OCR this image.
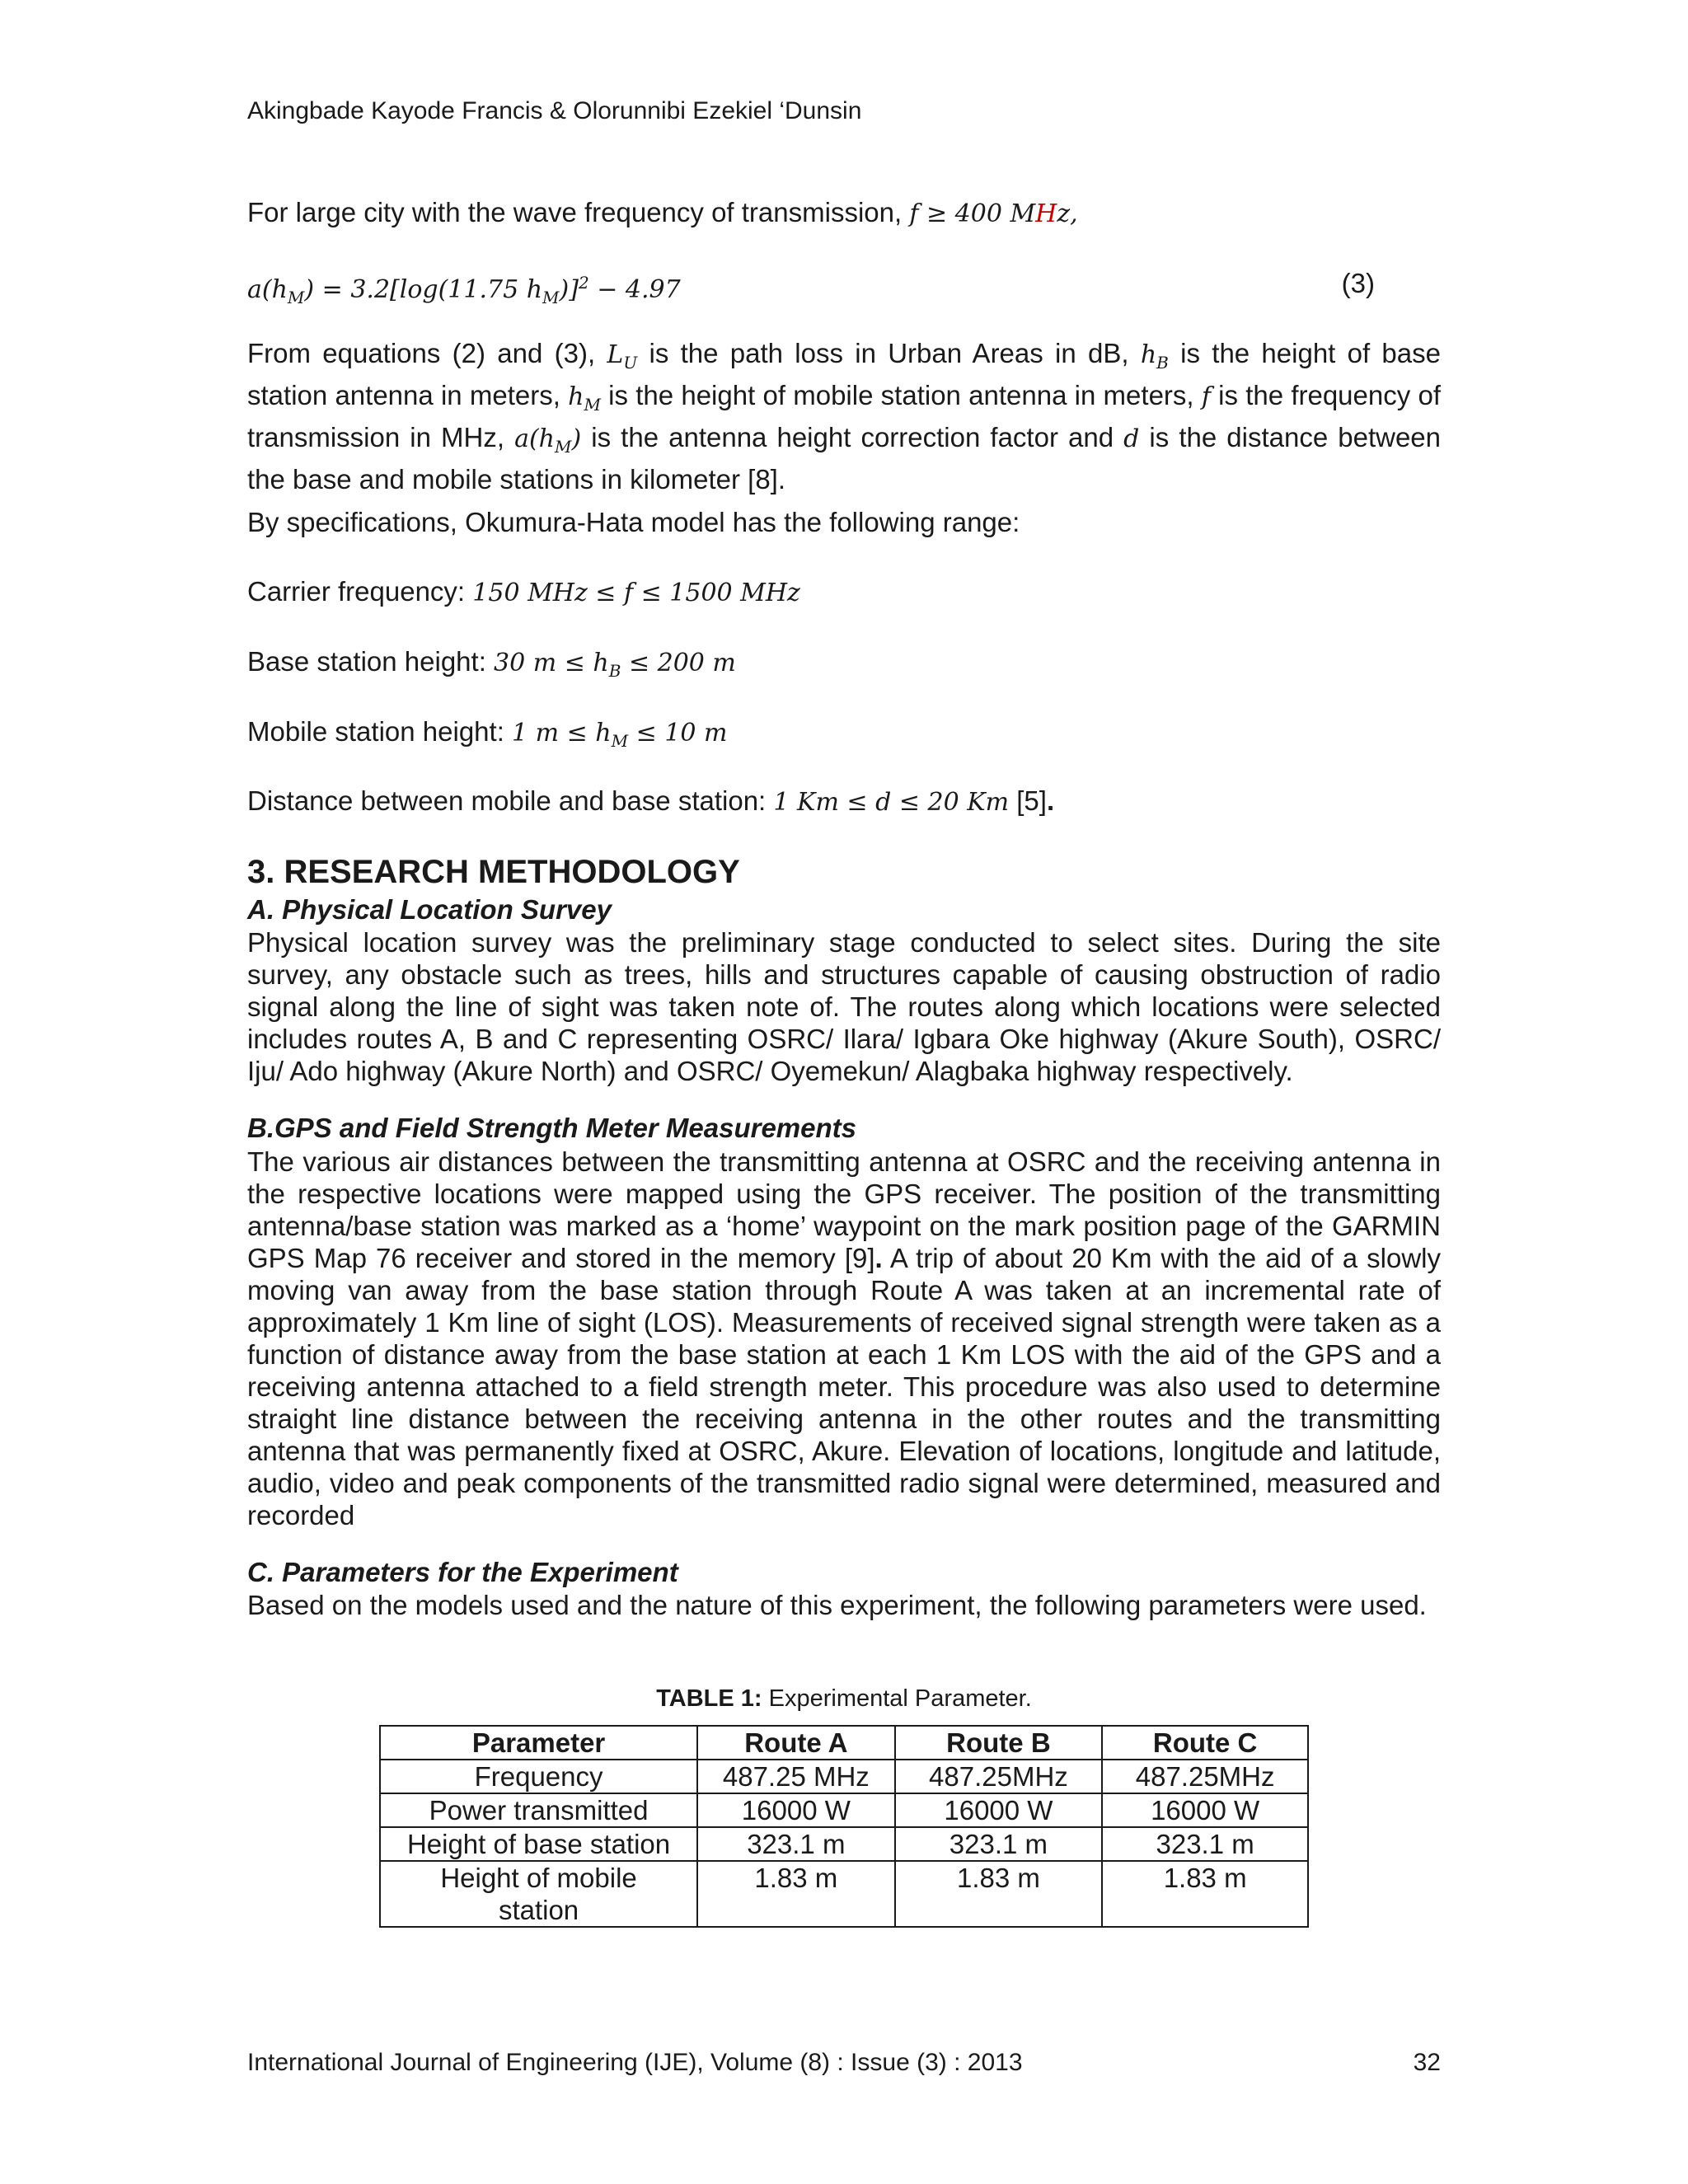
Akingbade Kayode Francis & Olorunnibi Ezekiel ‘Dunsin

For large city with the wave frequency of transmission, f ≥ 400 MHz,

$a(h_M) = 3.2[\log(11.75$ $h_M)]^2 - 4.97$	(3)

From equations (2) and (3), $L_U$ is the path loss in Urban Areas in dB, $h_B$ is the height of base station antenna in meters, $h_M$ is the height of mobile station antenna in meters, f is the frequency of transmission in MHz, $a(h_M)$ is the antenna height correction factor and d is the distance between the base and mobile stations in kilometer [8].

By specifications, Okumura-Hata model has the following range:

Carrier frequency: 150 MHz ≤ f ≤ 1500 MHz

Base station height: 30 $m \le h_B \le 200$ m

Mobile station height: 1 $m \le h_M \le 10$ m

Distance between mobile and base station: 1 Km ≤ d ≤ 20 Km [5].

3. RESEARCH METHODOLOGY
A. Physical Location Survey

Physical location survey was the preliminary stage conducted to select sites. During the site survey, any obstacle such as trees, hills and structures capable of causing obstruction of radio signal along the line of sight was taken note of. The routes along which locations were selected includes routes A, B and C representing OSRC/ Ilara/ Igbara Oke highway (Akure South), OSRC/ Iju/ Ado highway (Akure North) and OSRC/ Oyemekun/ Alagbaka highway respectively.

B.GPS and Field Strength Meter Measurements

The various air distances between the transmitting antenna at OSRC and the receiving antenna in the respective locations were mapped using the GPS receiver. The position of the transmitting antenna/base station was marked as a ‘home’ waypoint on the mark position page of the GARMIN GPS Map 76 receiver and stored in the memory [9]. A trip of about 20 Km with the aid of a slowly moving van away from the base station through Route A was taken at an incremental rate of approximately 1 Km line of sight (LOS). Measurements of received signal strength were taken as a function of distance away from the base station at each 1 Km LOS with the aid of the GPS and a receiving antenna attached to a field strength meter. This procedure was also used to determine straight line distance between the receiving antenna in the other routes and the transmitting antenna that was permanently fixed at OSRC, Akure. Elevation of locations, longitude and latitude, audio, video and peak components of the transmitted radio signal were determined, measured and recorded

C. Parameters for the Experiment

Based on the models used and the nature of this experiment, the following parameters were used.

TABLE 1: Experimental Parameter.
Parameter	Route A	Route B	Route C
Frequency	487.25 MHz	487.25MHz	487.25MHz
Power transmitted	16000 W	16000 W	16000 W
Height of base station	323.1 m	323.1 m	323.1 m
Height of mobile station	1.83 m	1.83 m	1.83 m
International Journal of Engineering (IJE), Volume (8) : Issue (3) : 2013	32
